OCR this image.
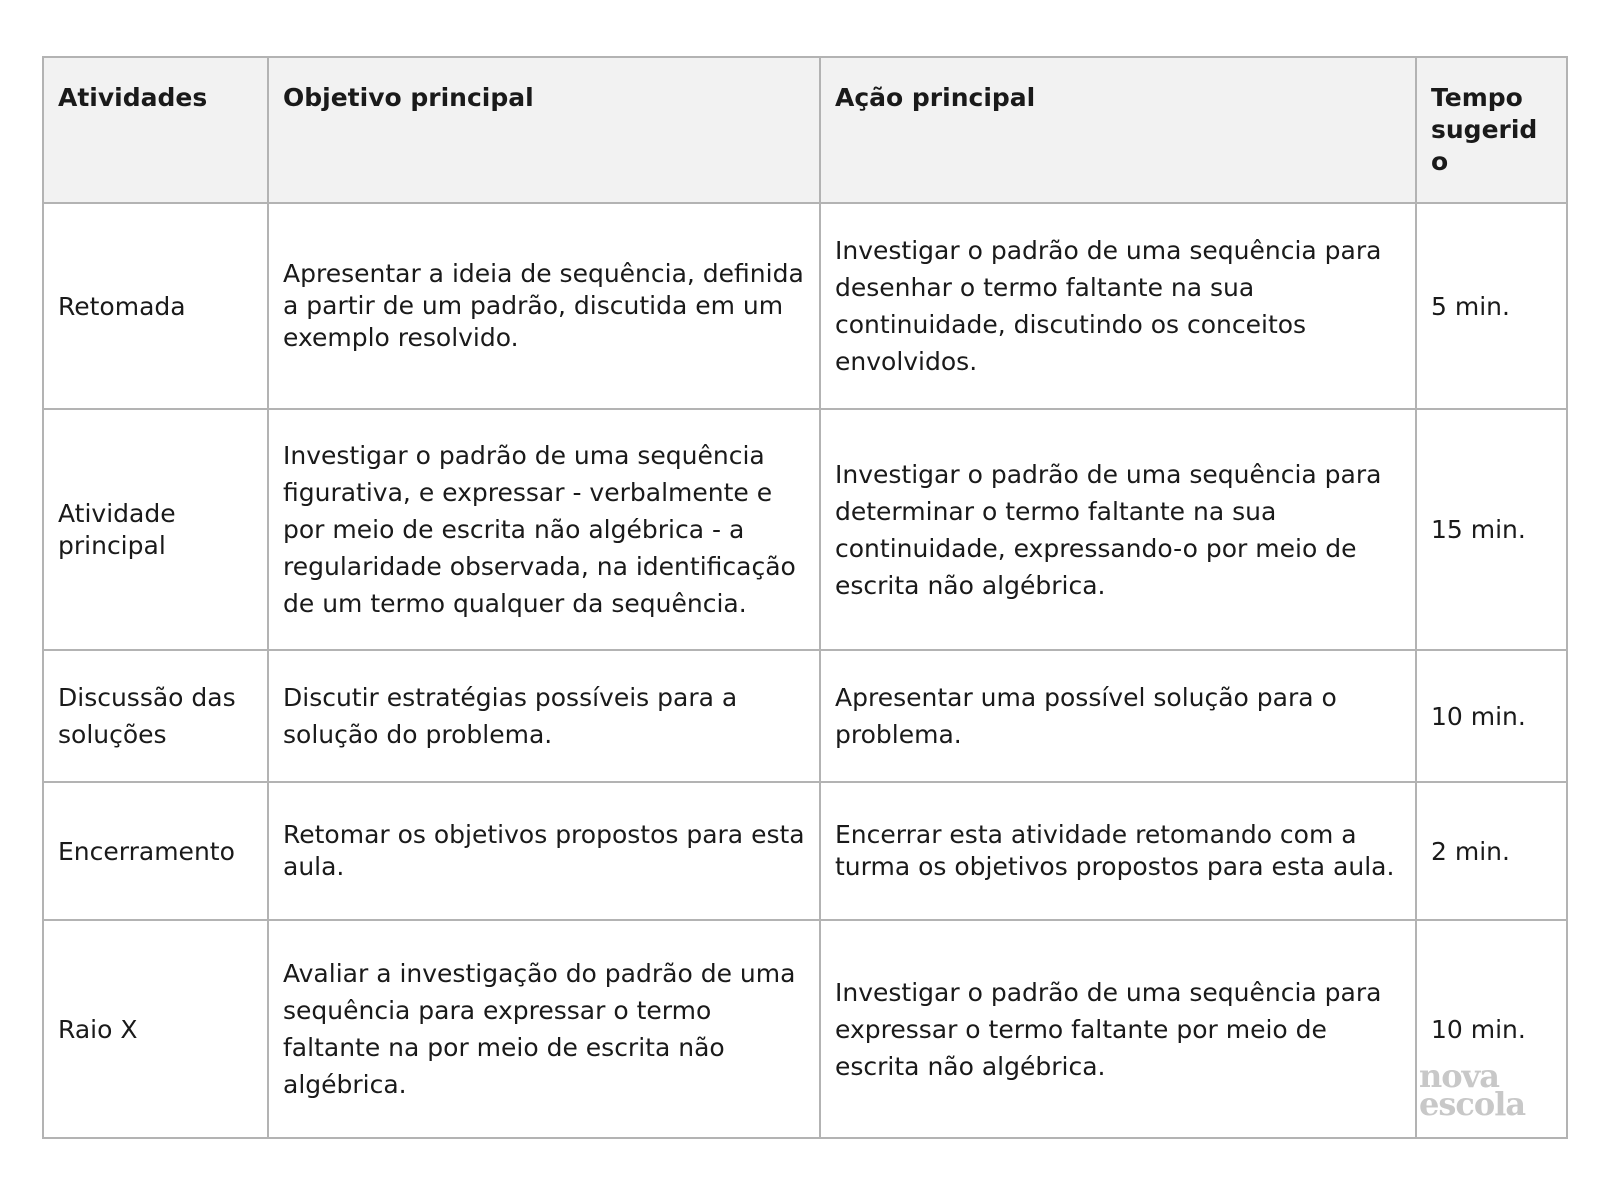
Atividades	Objetivo principal	Ação principal	Tempo sugerido
Retomada	Apresentar a ideia de sequência, definida a partir de um padrão, discutida em um exemplo resolvido.	Investigar o padrão de uma sequência para desenhar o termo faltante na sua continuidade, discutindo os conceitos envolvidos.	5 min.
Atividade principal	Investigar o padrão de uma sequência figurativa, e expressar - verbalmente e por meio de escrita não algébrica - a regularidade observada, na identificação de um termo qualquer da sequência.	Investigar o padrão de uma sequência para determinar o termo faltante na sua continuidade, expressando-o por meio de escrita não algébrica.	15 min.
Discussão das soluções	Discutir estratégias possíveis para a solução do problema.	Apresentar uma possível solução para o problema.	10 min.
Encerramento	Retomar os objetivos propostos para esta aula.	Encerrar esta atividade retomando com a turma os objetivos propostos para esta aula.	2 min.
Raio X	Avaliar a investigação do padrão de uma sequência para expressar o termo faltante na por meio de escrita não algébrica.	Investigar o padrão de uma sequência para expressar o termo faltante por meio de escrita não algébrica.	10 min.
nova
escola
